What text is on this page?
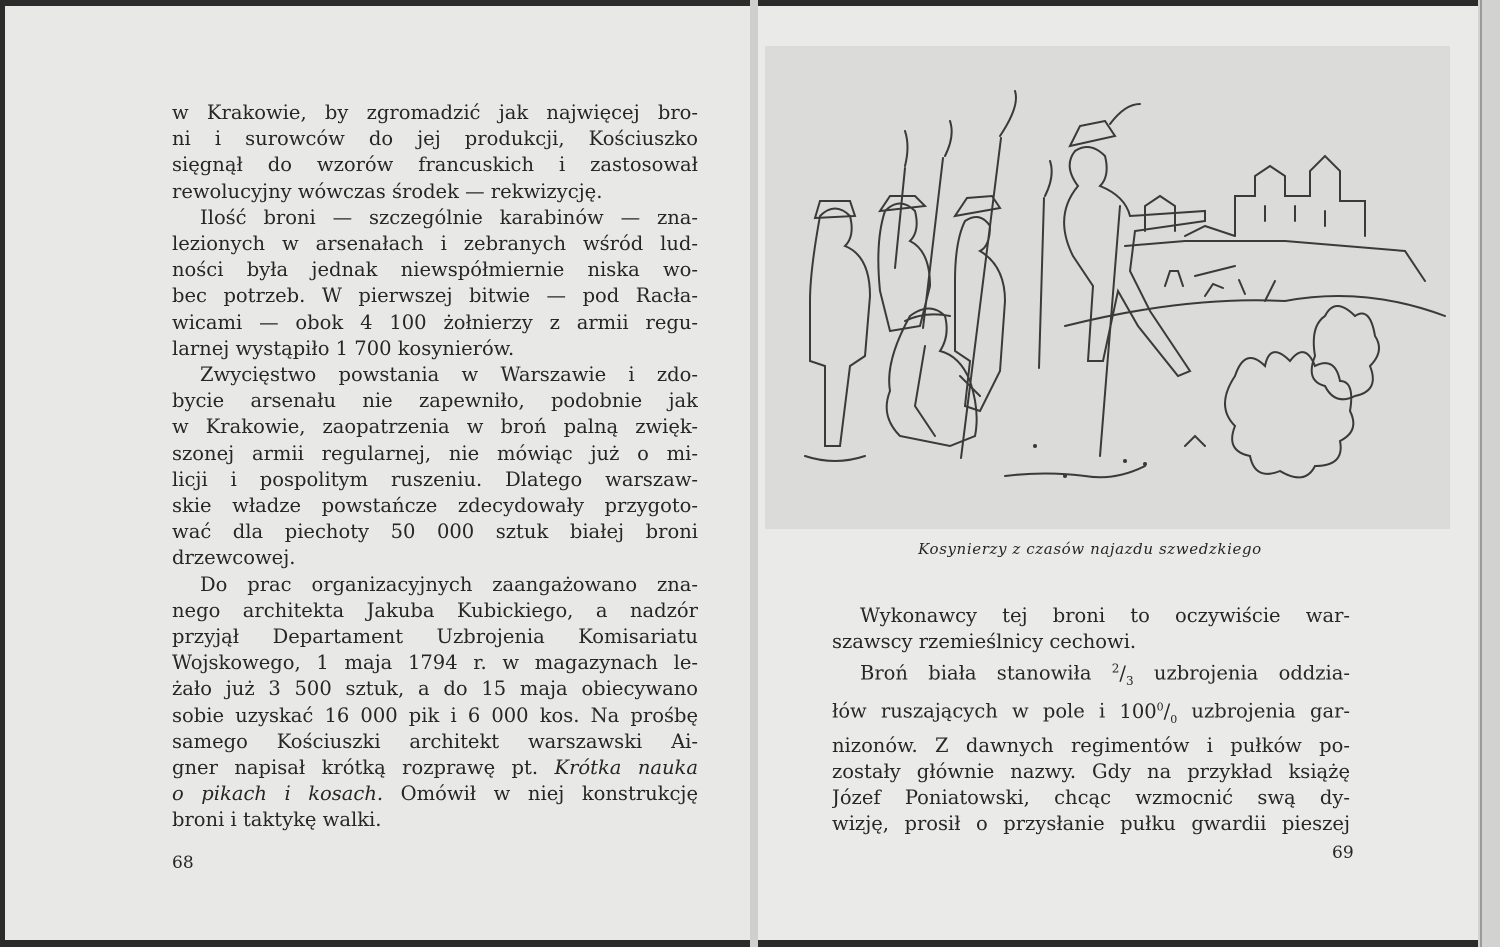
w Krakowie, by zgromadzić jak najwięcej bro-
ni i surowców do jej produkcji, Kościuszko
sięgnął do wzorów francuskich i zastosował
rewolucyjny wówczas środek — rekwizycję.
Ilość broni — szczególnie karabinów — zna-
lezionych w arsenałach i zebranych wśród lud-
ności była jednak niewspółmiernie niska wo-
bec potrzeb. W pierwszej bitwie — pod Racła-
wicami — obok 4 100 żołnierzy z armii regu-
larnej wystąpiło 1 700 kosynierów.
Zwycięstwo powstania w Warszawie i zdo-
bycie arsenału nie zapewniło, podobnie jak
w Krakowie, zaopatrzenia w broń palną zwięk-
szonej armii regularnej, nie mówiąc już o mi-
licji i pospolitym ruszeniu. Dlatego warszaw-
skie władze powstańcze zdecydowały przygoto-
wać dla piechoty 50 000 sztuk białej broni
drzewcowej.
Do prac organizacyjnych zaangażowano zna-
nego architekta Jakuba Kubickiego, a nadzór
przyjął Departament Uzbrojenia Komisariatu
Wojskowego, 1 maja 1794 r. w magazynach le-
żało już 3 500 sztuk, a do 15 maja obiecywano
sobie uzyskać 16 000 pik i 6 000 kos. Na prośbę
samego Kościuszki architekt warszawski Ai-
gner napisał krótką rozprawę pt. Krótka nauka
o pikach i kosach. Omówił w niej konstrukcję
broni i taktykę walki.
68
Kosynierzy z czasów najazdu szwedzkiego
Wykonawcy tej broni to oczywiście war-
szawscy rzemieślnicy cechowi.
Broń biała stanowiła $^2/_3$ uzbrojenia oddzia-
łów ruszających w pole i $100^0/_0$ uzbrojenia gar-
nizonów. Z dawnych regimentów i pułków po-
zostały głównie nazwy. Gdy na przykład książę
Józef Poniatowski, chcąc wzmocnić swą dy-
wizję, prosił o przysłanie pułku gwardii pieszej
69
